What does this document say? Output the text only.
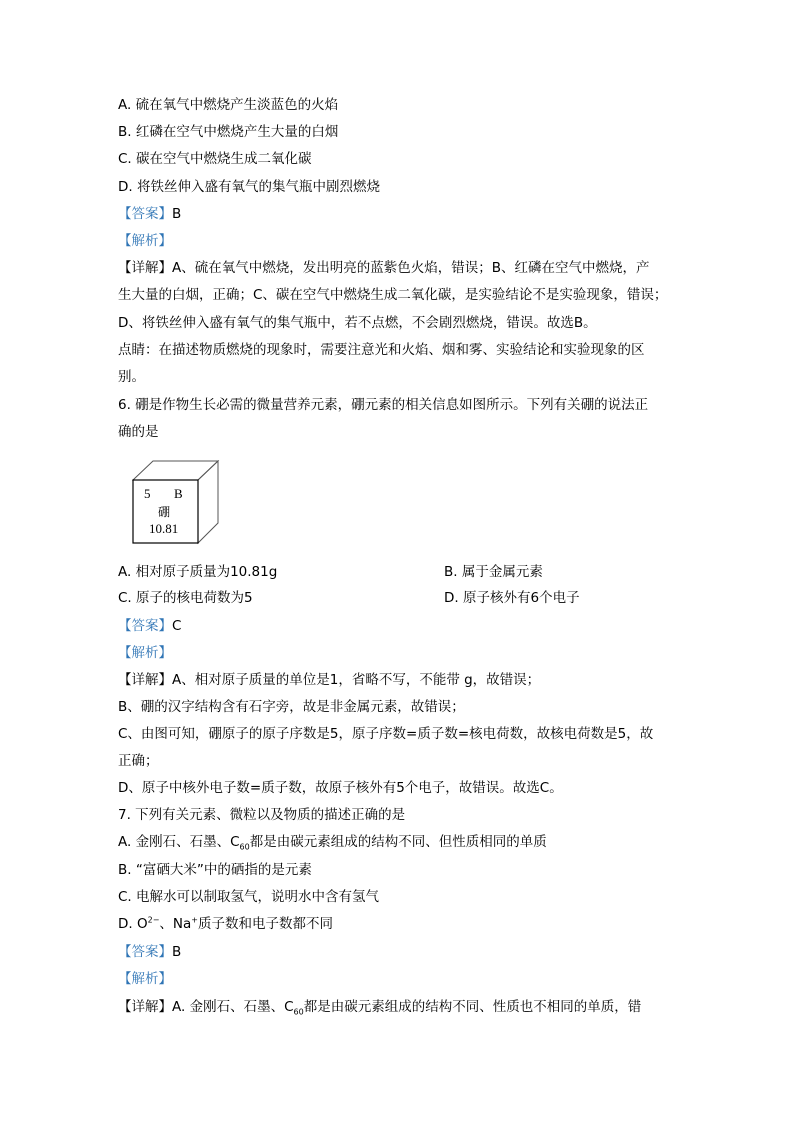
A. 硫在氧气中燃烧产生淡蓝色的火焰
B. 红磷在空气中燃烧产生大量的白烟
C. 碳在空气中燃烧生成二氧化碳
D. 将铁丝伸入盛有氧气的集气瓶中剧烈燃烧
【答案】B
【解析】
【详解】A、硫在氧气中燃烧，发出明亮的蓝紫色火焰，错误；B、红磷在空气中燃烧，产
生大量的白烟，正确；C、碳在空气中燃烧生成二氧化碳，是实验结论不是实验现象，错误；
D、将铁丝伸入盛有氧气的集气瓶中，若不点燃，不会剧烈燃烧，错误。故选B。
点睛：在描述物质燃烧的现象时，需要注意光和火焰、烟和雾、实验结论和实验现象的区
别。
6. 硼是作物生长必需的微量营养元素，硼元素的相关信息如图所示。下列有关硼的说法正
确的是
5 B
硼
10.81
A. 相对原子质量为10.81g	B. 属于金属元素
C. 原子的核电荷数为5	D. 原子核外有6个电子
【答案】C
【解析】
【详解】A、相对原子质量的单位是1，省略不写，不能带 g，故错误；
B、硼的汉字结构含有石字旁，故是非金属元素，故错误；
C、由图可知，硼原子的原子序数是5，原子序数=质子数=核电荷数，故核电荷数是5，故
正确；
D、原子中核外电子数=质子数，故原子核外有5个电子，故错误。故选C。
7. 下列有关元素、微粒以及物质的描述正确的是
A. 金刚石、石墨、$C_{60}$都是由碳元素组成的结构不同、但性质相同的单质
B. “富硒大米”中的硒指的是元素
C. 电解水可以制取氢气，说明水中含有氢气
D. $O^{2-}$、Na+质子数和电子数都不同
【答案】B
【解析】
【详解】A. 金刚石、石墨、$C_{60}$都是由碳元素组成的结构不同、性质也不相同的单质，错
